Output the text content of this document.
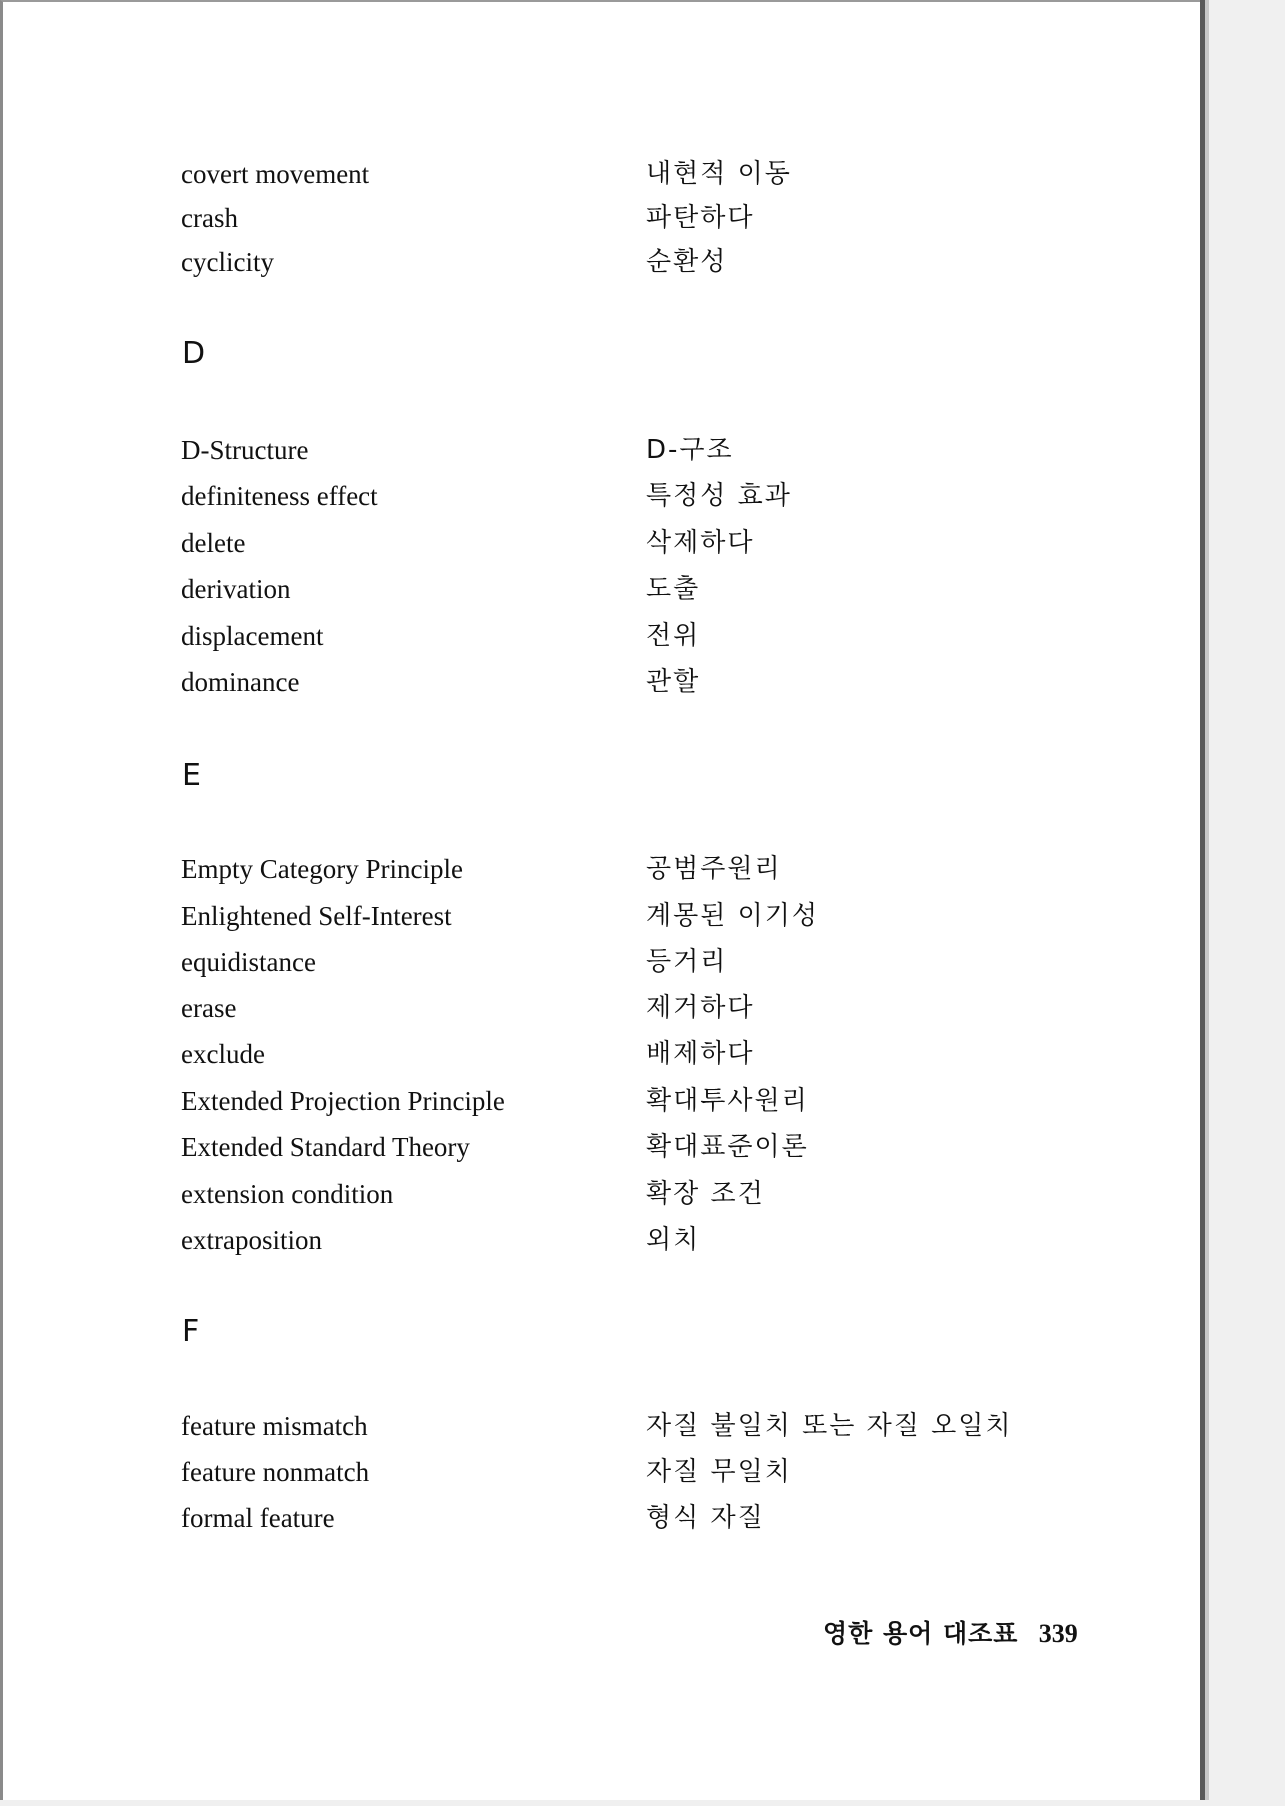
covert movement	내현적 이동
crash	파탄하다
cyclicity	순환성
D
D-Structure	D-구조
definiteness effect	특정성 효과
delete	삭제하다
derivation	도출
displacement	전위
dominance	관할
E
Empty Category Principle	공범주원리
Enlightened Self-Interest	계몽된 이기성
equidistance	등거리
erase	제거하다
exclude	배제하다
Extended Projection Principle	확대투사원리
Extended Standard Theory	확대표준이론
extension condition	확장 조건
extraposition	외치
F
feature mismatch	자질 불일치 또는 자질 오일치
feature nonmatch	자질 무일치
formal feature	형식 자질
영한 용어 대조표 339
